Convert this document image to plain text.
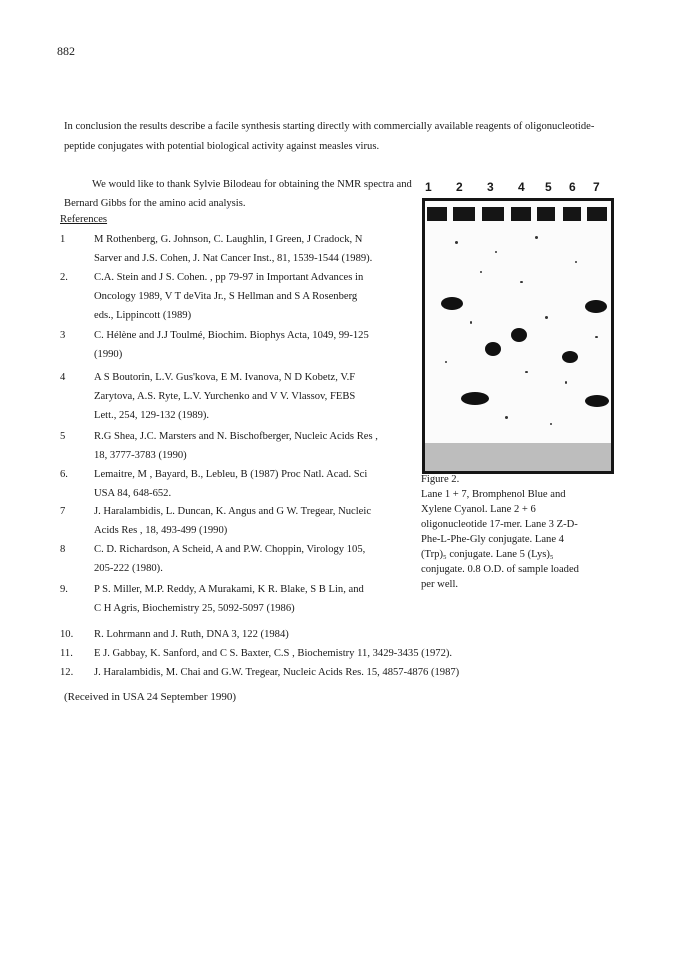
882

In conclusion the results describe a facile synthesis starting directly with commercially available reagents of oligonucleotide-peptide conjugates with potential biological activity against measles virus.

We would like to thank Sylvie Bilodeau for obtaining the NMR spectra and Bernard Gibbs for the amino acid analysis.

References
1	M Rothenberg, G. Johnson, C. Laughlin, I Green, J Cradock, N
Sarver and J.S. Cohen, J. Nat Cancer Inst., 81, 1539-1544 (1989).
2.	C.A. Stein and J S. Cohen. , pp 79-97 in Important Advances in
Oncology 1989, V T deVita Jr., S Hellman and S A Rosenberg
eds., Lippincott (1989)
3	C. Hélène and J.J Toulmé, Biochim. Biophys Acta, 1049, 99-125
(1990)
4	A S Boutorin, L.V. Gus'kova, E M. Ivanova, N D Kobetz, V.F
Zarytova, A.S. Ryte, L.V. Yurchenko and V V. Vlassov, FEBS
Lett., 254, 129-132 (1989).
5	R.G Shea, J.C. Marsters and N. Bischofberger, Nucleic Acids Res ,
18, 3777-3783 (1990)
6.	Lemaitre, M , Bayard, B., Lebleu, B (1987) Proc Natl. Acad. Sci
USA 84, 648-652.
7	J. Haralambidis, L. Duncan, K. Angus and G W. Tregear, Nucleic
Acids Res , 18, 493-499 (1990)
8	C. D. Richardson, A Scheid, A and P.W. Choppin, Virology 105,
205-222 (1980).
9.	P S. Miller, M.P. Reddy, A Murakami, K R. Blake, S B Lin, and
C H Agris, Biochemistry 25, 5092-5097 (1986)
10.	R. Lohrmann and J. Ruth, DNA 3, 122 (1984)
11.	E J. Gabbay, K. Sanford, and C S. Baxter, C.S , Biochemistry 11, 3429-3435 (1972).
12.	J. Haralambidis, M. Chai and G.W. Tregear, Nucleic Acids Res. 15, 4857-4876 (1987)
1 2 3 4 5 6 7
Figure 2.
Lane 1 + 7, Bromphenol Blue and
Xylene Cyanol. Lane 2 + 6
oligonucleotide 17-mer. Lane 3 Z-D-
Phe-L-Phe-Gly conjugate. Lane 4
(Trp)₅ conjugate. Lane 5 (Lys)₅
conjugate. 0.8 O.D. of sample loaded
per well.
(Received in USA 24 September 1990)
